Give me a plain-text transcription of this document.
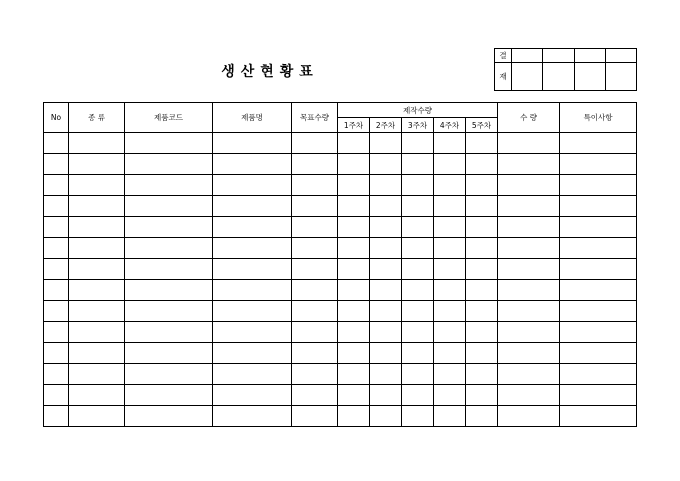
생산현황표
결				
재				
No	종 류	제품코드	제품명	목표수량	제작수량					수 량	특이사항
					1주차	2주차	3주차	4주차	5주차		
